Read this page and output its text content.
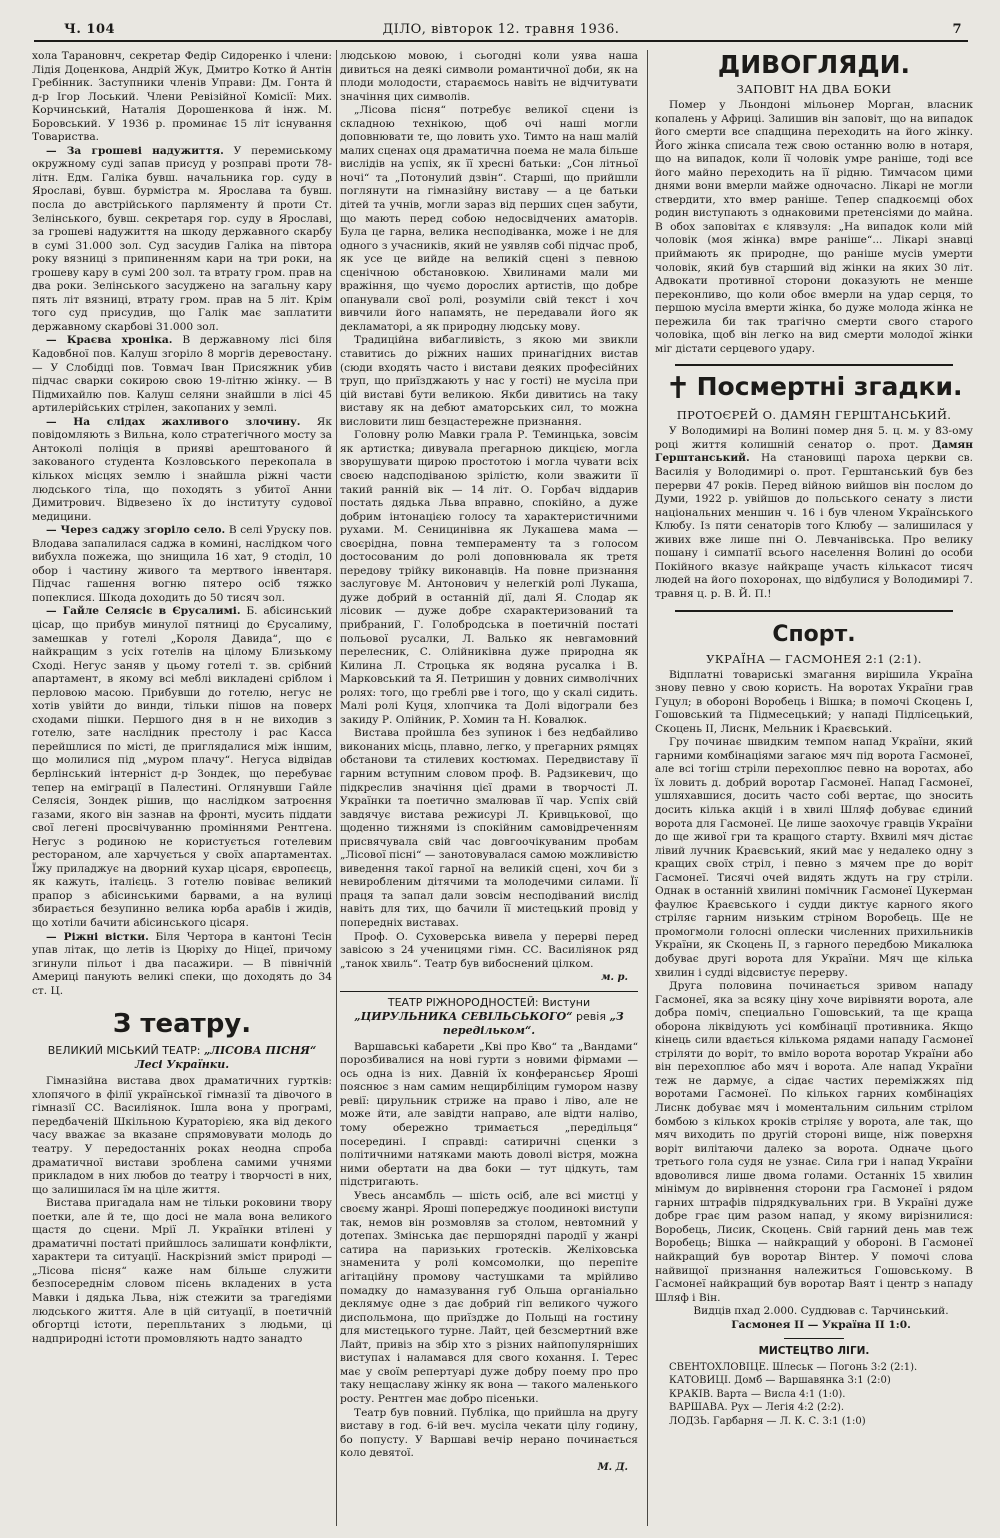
Ч. 104	ДІЛО, вівторок 12. травня 1936.	7

хола Тарановнч, секретар Федір Сидоренко і члени: Лідія Доценкова, Андрій Жук, Дмитро Котко й Антін Гребінник. Заступники членів Управи: Дм. Гонта й д-р Ігор Лоський. Члени Ревізійної Комісії: Мих. Корчинський, Наталія Дорошенкова й інж. М. Боровський. У 1936 р. проминає 15 літ існування Товариства.

— За грошеві надужиття. У перемиському окружному суді запав присуд у розправі проти 78-літн. Едм. Галіка бувш. начальника гор. суду в Ярославі, бувш. бурмістра м. Ярослава та бувш. посла до австрійського парляменту й проти Ст. Зелінського, бувш. секретаря гор. суду в Ярославі, за грошеві надужиття на шкоду державного скарбу в сумі 31.000 зол. Суд засудив Галіка на півтора року вязниці з припиненням кари на три роки, на грошеву кару в сумі 200 зол. та втрату гром. прав на два роки. Зелінського засуджено на загальну кару пять літ вязниці, втрату гром. прав на 5 літ. Крім того суд присудив, що Галік має заплатити державному скарбові 31.000 зол.

— Краєва хроніка. В державному лісі біля Кадовбної пов. Калуш згоріло 8 моргів деревостану. — У Слобідці пов. Товмач Іван Присяжник убив підчас сварки сокирою свою 19-літню жінку. — В Підмихайлю пов. Калуш селяни знайшли в лісі 45 артилерійських стрілен, закопаних у землі.

— На слідах жахливого злочину. Як повідомляють з Вильна, коло стратегічного мосту за Антоколі поліція в прияві арештованого й закованого студента Козловського перекопала в кількох місцях землю і знайшла ріжні части людського тіла, що походять з убитої Анни Димитрович. Відвезено їх до інституту судової медицини.

— Через саджу згоріло село. В селі Уруску пов. Влодава запалилася саджа в комині, наслідком чого вибухла пожежа, що знищила 16 хат, 9 стоділ, 10 обор і частину живого та мертвого інвентаря. Підчас гашення вогню пятеро осіб тяжко попеклися. Шкода доходить до 50 тисяч зол.

— Гайле Селясіє в Єрусалимі. Б. абісинський цісар, що прибув минулої пятниці до Єрусалиму, замешкав у готелі „Короля Давида“, що є найкращим з усіх готелів на цілому Близькому Сході. Негус заняв у цьому готелі т. зв. срібний апартамент, в якому всі меблі викладені сріблом і перловою масою. Прибувши до готелю, негус не хотів увійти до винди, тільки пішов на поверх сходами пішки. Першого дня в н не виходив з готелю, зате наслідник престолу і рас Касса перейшлися по місті, де приглядалися між іншим, що молилися під „муром плачу“. Негуса відвідав берлінський інтерніст д-р Зондек, що перебуває тепер на еміграції в Палестині. Оглянувши Гайле Селясія, Зондек рішив, що наслідком затроєння газами, якого він зазнав на фронті, мусить піддати свої легені просвічуванню проміннями Рентгена. Негус з родиною не користується готелевим рестораном, але харчується у своїх апартаментах. Їжу приладжує на дворний кухар цісаря, європеєць, як кажуть, італієць. З готелю повіває великий прапор з абісинськими барвами, а на вулиці збирається безупинно велика юрба арабів і жидів, що хотіли бачити абісинського цісаря.

— Ріжні вістки. Біля Чертора в кантоні Тесін упав літак, що летів із Цюріху до Ніцеї, причому згинули пільот і два пасажири. — В північній Америці панують великі спеки, що доходять до 34 ст. Ц.

З театру.
ВЕЛИКИЙ МІСЬКИЙ ТЕАТР: „ЛІСОВА ПІСНЯ“
Лесі Українки.

Гімназійна вистава двох драматичних гуртків: хлопячого в філії української гімназії та дівочого в гімназії СС. Василіянок. Ішла вона у програмі, передбаченій Шкільною Кураторією, яка від декого часу вважає за вказане спрямовувати молодь до театру. У передостанніх роках неодна спроба драматичної вистави зроблена самими учнями прикладом в них любов до театру і творчості в них, що залишилася їм на ціле життя.

Вистава пригадала нам не тільки роковини твору поетки, але й те, що досі не мала вона великого щастя до сцени. Мрії Л. Українки втілені у драматичні постаті прийшлось залишати конфлікти, характери та ситуації. Наскрізний зміст природі — „Лісова пісня“ каже нам більше служити безпосереднім словом пісень вкладених в уста Мавки і дядька Льва, ніж стежити за трагедіями людського життя. Але в цій ситуації, в поетичній обгортці істоти, перепльтаних з людьми, ці надприродні істоти промовляють надто занадто

людською мовою, і сьогодні коли уява наша дивиться на деякі символи романтичної доби, як на плоди молодости, стараємось навіть не відчитувати значіння цих символів.

„Лісова пісня“ потребує великої сцени із складною технікою, щоб очі наші могли доповнювати те, що ловить ухо. Тимто на наш малій малих сценах оця драматична поема не мала більше вислідів на успіх, як її хресні батьки: „Сон літньої ночі“ та „Потонулий дзвін“. Старші, що прийшли поглянути на гімназійну виставу — а це батьки дітей та учнів, могли зараз від перших сцен забути, що мають перед собою недосвідчених аматорів. Була це гарна, велика несподіванка, може і не для одного з учасників, який не уявляв собі підчас проб, як усе це вийде на великій сцені з певною сценічною обстановкою. Хвилинами мали ми вражіння, що чуємо дорослих артистів, що добре опанували свої ролі, розуміли свій текст і хоч вивчили його напамять, не передавали його як декламаторі, а як природну людську мову.

Традиційна вибагливість, з якою ми звикли ставитись до ріжних наших принагідних вистав (сюди входять часто і вистави деяких професійних труп, що приїзджають у нас у гості) не мусіла при цій виставі бути великою. Якби дивитись на таку виставу як на дебют аматорських сил, то можна висловити лиш безцастережне признання.

Головну ролю Мавки грала Р. Теминцька, зовсім як артистка; дивувала прегарною дикцією, могла зворушувати щирою простотою і могла чувати всіх своєю надсподіваною зрілістю, коли зважити її такий ранній вік — 14 літ. О. Горбач віддарив постать дядька Льва вправно, спокійно, а дуже добрим інтонацією голосу та характеристичними рухами. М. Сеницинівна як Лукашева мама — своєрідна, повна темпераменту та з голосом достосованим до ролі доповнювала як третя передову трійку виконавців. На повне признання заслуговує М. Антонович у нелегкій ролі Лукаша, дуже добрий в останній дії, далі Я. Слодар як лісовик — дуже добре схарактеризований та прибраний, Г. Голобродська в поетичній постаті польової русалки, Л. Валько як невгамовний перелесник, С. Олійниківна дуже природна як Килина Л. Строцька як водяна русалка і В. Марковський та Я. Петришин у довних символічних ролях: того, що греблі рве і того, що у скалі сидить. Малі ролі Куця, хлопчика та Долі відограли без закиду Р. Олійник, Р. Хомин та Н. Ковалюк.

Вистава пройшла без зупинок і без недбайливо виконаних місць, плавно, легко, у прегарних рямцях обстанови та стилевих костюмах. Передвиставу її гарним вступним словом проф. В. Радзикевич, що підкреслив значіння цієї драми в творчості Л. Українки та поетично змалював її чар. Успіх свій завдячує вистава режисурі Л. Кривцькової, що щоденно тижнями із спокійним самовідреченням присвячувала свій час довгоочікуваним пробам „Лісової пісні“ — занотовувалася самою можливістю виведення такої гарної на великій сцені, хоч би з невиробленим дітячими та молодечими силами. Її праця та запал дали зовсім несподіваний вислід навіть для тих, що бачили її мистецький провід у попередніх виставах.

Проф. О. Суховерська вивела у перерві перед завісою з 24 ученицями гімн. СС. Василіянок ряд „танок хвиль“. Театр був вибоснений цілком.

м. р.
ТЕАТР РІЖНОРОДНОСТЕЙ: Вистуни „ЦИРУЛЬНИКА СЕВІЛЬСЬКОГО“ ревія „З передільком“.

Варшавські кабарети „Кві про Кво“ та „Вандами“ порозбивалися на нові гурти з новими фірмами — ось одна із них. Давній їх конферансьєр Яроші пояснює з нам самим нещирбіліцим гумором назву ревії: цирульник стриже на право і ліво, але не може йти, але завідти направо, але відти наліво, тому обережно тримається „передільця“ посередині. І справді: сатиричні сценки з політичними натяками мають доволі вістря, можна ними обертати на два боки — тут цідкуть, там підстригають.

Увесь ансамбль — шість осіб, але всі мистці у своєму жанрі. Ярошi попереджує поодинокі виступи так, немов він розмовляв за столом, невтомний у дотепах. Змінська дає першорядні пародії у жанрі сатира на паризьких гротесків. Желіховська знаменита у ролі комсомолки, що перепіте агітаційну промову частушками та мрійливо помадку до намазування губ Ольша органіально деклямує одне з дає добрий гіп великого чужого диспольмона, що приїздже до Польщі на гостину для мистецького турне. Лайт, цей безсмертний вже Лайт, привіз на збір хто з різних найпопулярніших виступах і наламався для свого кохання. І. Терес має у своїм репертуарі дуже добру поему про про таку нещаславу жінку як вона — такого маленького росту. Рентген має добро пісеньки.

Театр був повний. Публіка, що прийшла на другу виставу в год. 6-ій веч. мусіла чекати цілу годину, бо попусту. У Варшаві вечір нерано починається коло девятої.

М. Д.
ДИВОГЛЯДИ.
ЗАПОВІТ НА ДВА БОКИ

Помер у Льондоні мільонер Морган, власник копалень у Африці. Залишив він заповіт, що на випадок його смерти все спадщина переходить на його жінку. Його жінка списала теж свою останню волю в нотаря, що на випадок, коли її чоловік умре раніше, тоді все його майно переходить на її рідню. Тимчасом цими днями вони вмерли майже одночасно. Лікарі не могли ствердити, хто вмер раніше. Тепер спадкоємці обох родин виступають з однаковими претенсіями до майна. В обох заповітах є клявзуля: „На випадок коли мій чоловік (моя жінка) вмре раніше“... Лікарі знавці приймають як природне, що раніше мусів умерти чоловік, який був старший від жінки на яких 30 літ. Адвокати противної сторони доказують не менше переконливо, що коли обоє вмерли на удар серця, то першою мусіла вмерти жінка, бо дуже молода жінка не пережила би так трагічно смерти свого старого чоловіка, щоб він легко на вид смерти молодої жінки міг дістати серцевого удару.

✝ Посмертні згадки.
ПРОТОЄРЕЙ О. ДАМЯН ГЕРШТАНСЬКИЙ.

У Володимирі на Волині помер дня 5. ц. м. у 83-ому році життя колишній сенатор о. прот. Дамян Герштанський. На становищі пароха церкви св. Василія у Володимирі о. прот. Герштанський був без перерви 47 років. Перед війною вийшов він послом до Думи, 1922 р. увійшов до польського сенату з листи національних меншин ч. 16 і був членом Українського Клюбу. Із пяти сенаторів того Клюбу — залишилася у живих вже лише пні О. Левчанівська. Про велику пошану і симпатії всього населення Волині до особи Покійного вказує найкраще участь кількасот тисяч людей на його похоронах, що відбулися у Володимирі 7. травня ц. р. В. Й. П.!

Спорт.
УКРАЇНА — ГАСМОНЕЯ 2:1 (2:1).

Відплатні товариські змагання вирішила Україна знову певно у свою користь. На воротах України грав Гуцул; в обороні Воробець і Вішка; в помочі Скоцень І, Гошовський та Підмесецький; у нападі Підлісецький, Скоцень II, Лиснк, Мельник і Краєвський.

Гру починає швидким темпом напад України, який гарними комбінаціями загаює мяч під ворота Гасмонеї, але всі тогіш стріли перехоплює певно на воротах, або їх ловить д. добрий воротар Гасмонеї. Напад Гасмонеї, ушляхавшися, досить часто собі вертає, що зносить досить кілька акцій і в хвилі Шляф добуває єдиний ворота для Гасмонеї. Це лише заохочує гравців України до ще живої гри та кращого старту. Вхвилі мяч дістає лівий лучник Краєвський, який має у недалеко одну з кращих своїх стріл, і певно з мячем пре до воріт Гасмонеї. Тисячі очей видять ждуть на гру стріли. Однак в останній хвилині помічник Гасмонеї Цукерман фаулює Краєвського і судди диктує карного якого стріляє гарним низьким стріном Воробець. Ще не промогмоли голосні оплески численних прихильників України, як Скоцень II, з гарного передбою Микалюка добуває другі ворота для України. Мяч ще кілька хвилин і судді відсвистує перерву.

Друга половина починається зривом нападу Гасмонеї, яка за всяку ціну хоче вирівняти ворота, але добра поміч, специально Гошовський, та ще краща оборона ліквідують усі комбінації противника. Якщо кінець сили вдається кількома рядами нападу Гасмонеї стріляти до воріт, то вміло ворота воротар України або він перехоплює або мяч і ворота. Але напад України теж не дармує, а сідає частих переміжжях під воротами Гасмонеї. По кількох гарних комбінаціях Лиснк добуває мяч і моментальним сильним стрілом бомбою з кількох кроків стріляє у ворота, але так, що мяч виходить по другій стороні вище, ніж поверхня воріт вилітаючи далеко за ворота. Одначе цього третього гола судя не узнає. Сила гри і напад України вдоволився лише двома голами. Останніх 15 хвилин мінімум до вирівнення сторони гра Гасмонеї і рядом гарних штрафів підрядкувальних гри. В Україні дуже добре грає цим разом напад, у якому вирізнилися: Воробець, Лисик, Скоцень. Свій гарний день мав теж Воробець; Вішка — найкращий у обороні. В Гасмонеї найкращий був воротар Вінтер. У помочі слова найвищої признання належиться Гошовському. В Гасмонеї найкращий був воротар Ваят і центр з нападу Шляф і Він.

Видців пхад 2.000. Суддював с. Тарчинський.

Гасмонея II — Україна II 1:0.

МИСТЕЦТВО ЛІГИ.

СВЕНТОХЛОВІЦЕ. Шлеськ — Погонь 3:2 (2:1).

КАТОВИЦІ. Домб — Варшавянка 3:1 (2:0)

КРАКІВ. Варта — Висла 4:1 (1:0).

ВАРШАВА. Рух — Легія 4:2 (2:2).

ЛОДЗЬ. Гарбарня — Л. К. С. 3:1 (1:0)
